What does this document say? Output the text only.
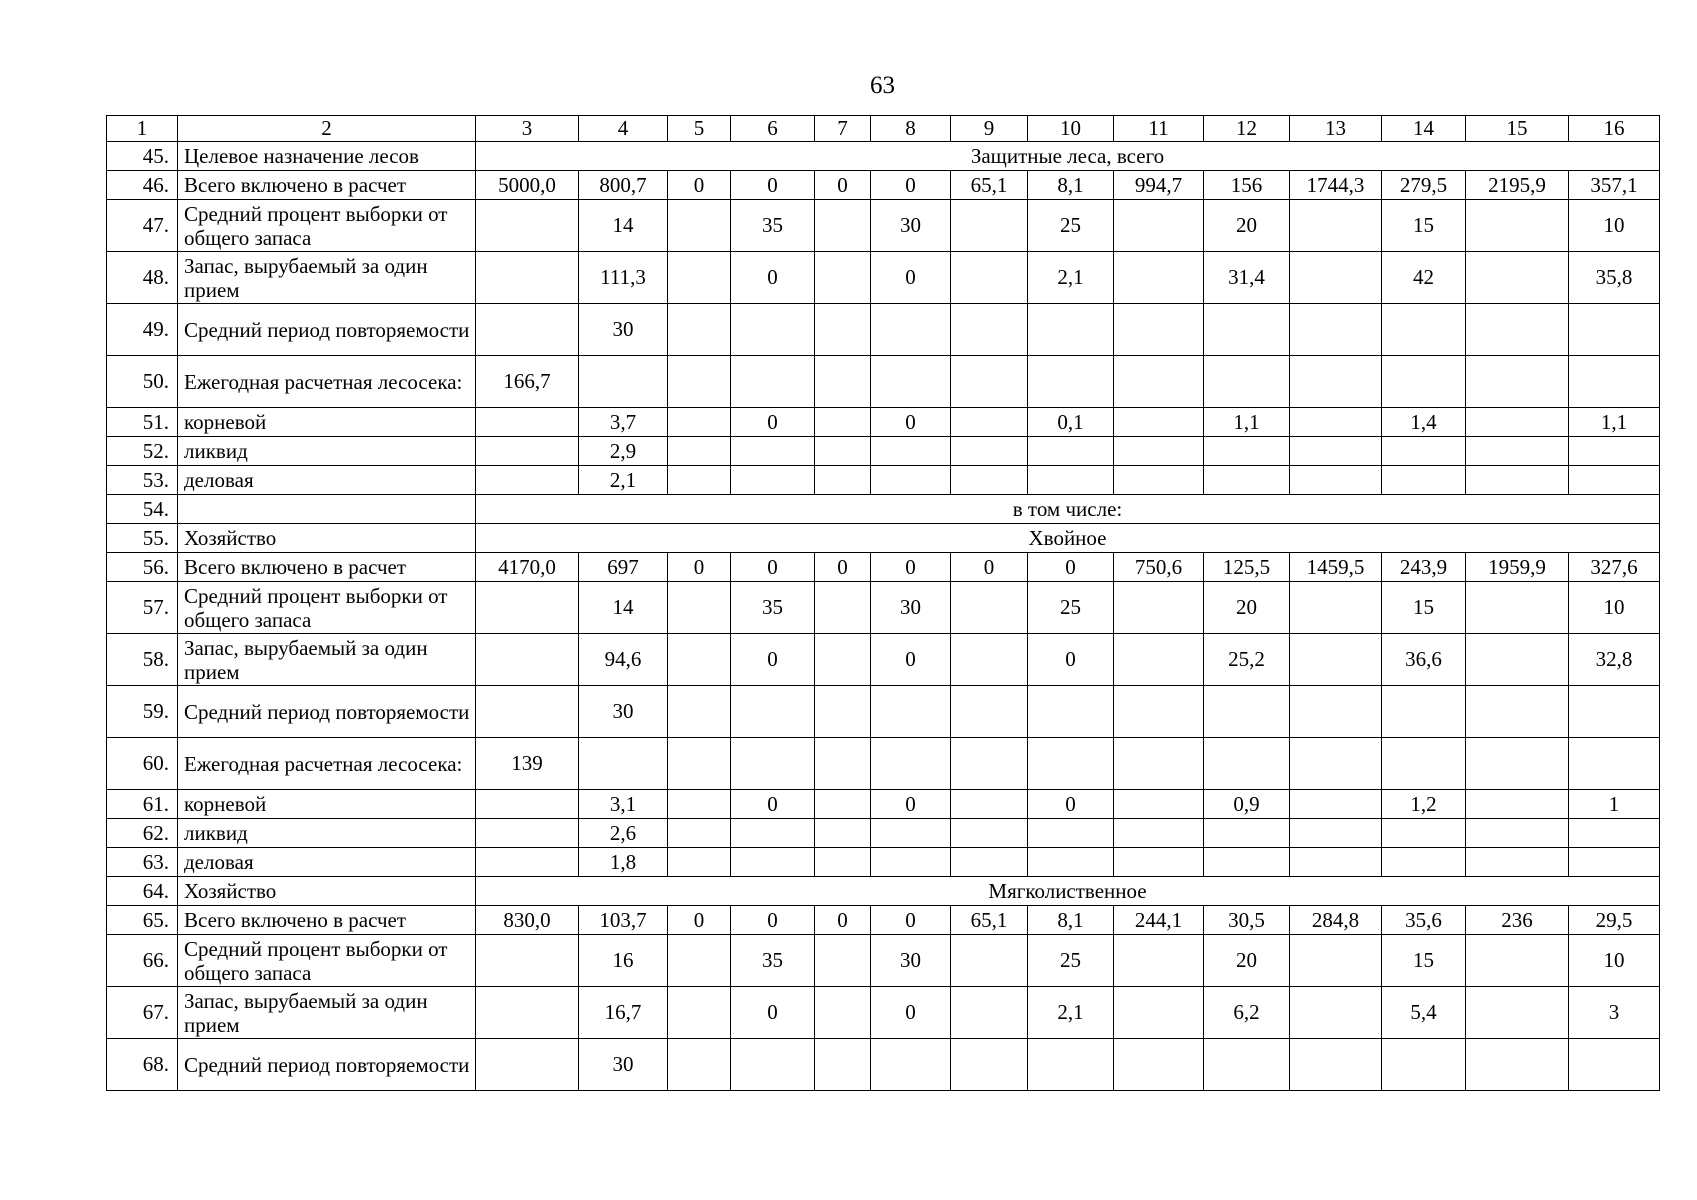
63
1	2	3	4	5	6	7	8	9	10	11	12	13	14	15	16
45.	Целевое назначение лесов	Защитные леса, всего													
46.	Всего включено в расчет	5000,0	800,7	0	0	0	0	65,1	8,1	994,7	156	1744,3	279,5	2195,9	357,1
47.	Средний процент выборки от общего запаса		14		35		30		25		20		15		10
48.	Запас, вырубаемый за один прием		111,3		0		0		2,1		31,4		42		35,8
49.	Средний период повторяемости		30												
50.	Ежегодная расчетная лесосека:	166,7													
51.	корневой		3,7		0		0		0,1		1,1		1,4		1,1
52.	ликвид		2,9												
53.	деловая		2,1												
54.		в том числе:													
55.	Хозяйство	Хвойное													
56.	Всего включено в расчет	4170,0	697	0	0	0	0	0	0	750,6	125,5	1459,5	243,9	1959,9	327,6
57.	Средний процент выборки от общего запаса		14		35		30		25		20		15		10
58.	Запас, вырубаемый за один прием		94,6		0		0		0		25,2		36,6		32,8
59.	Средний период повторяемости		30												
60.	Ежегодная расчетная лесосека:	139													
61.	корневой		3,1		0		0		0		0,9		1,2		1
62.	ликвид		2,6												
63.	деловая		1,8												
64.	Хозяйство	Мягколиственное													
65.	Всего включено в расчет	830,0	103,7	0	0	0	0	65,1	8,1	244,1	30,5	284,8	35,6	236	29,5
66.	Средний процент выборки от общего запаса		16		35		30		25		20		15		10
67.	Запас, вырубаемый за один прием		16,7		0		0		2,1		6,2		5,4		3
68.	Средний период повторяемости		30												
